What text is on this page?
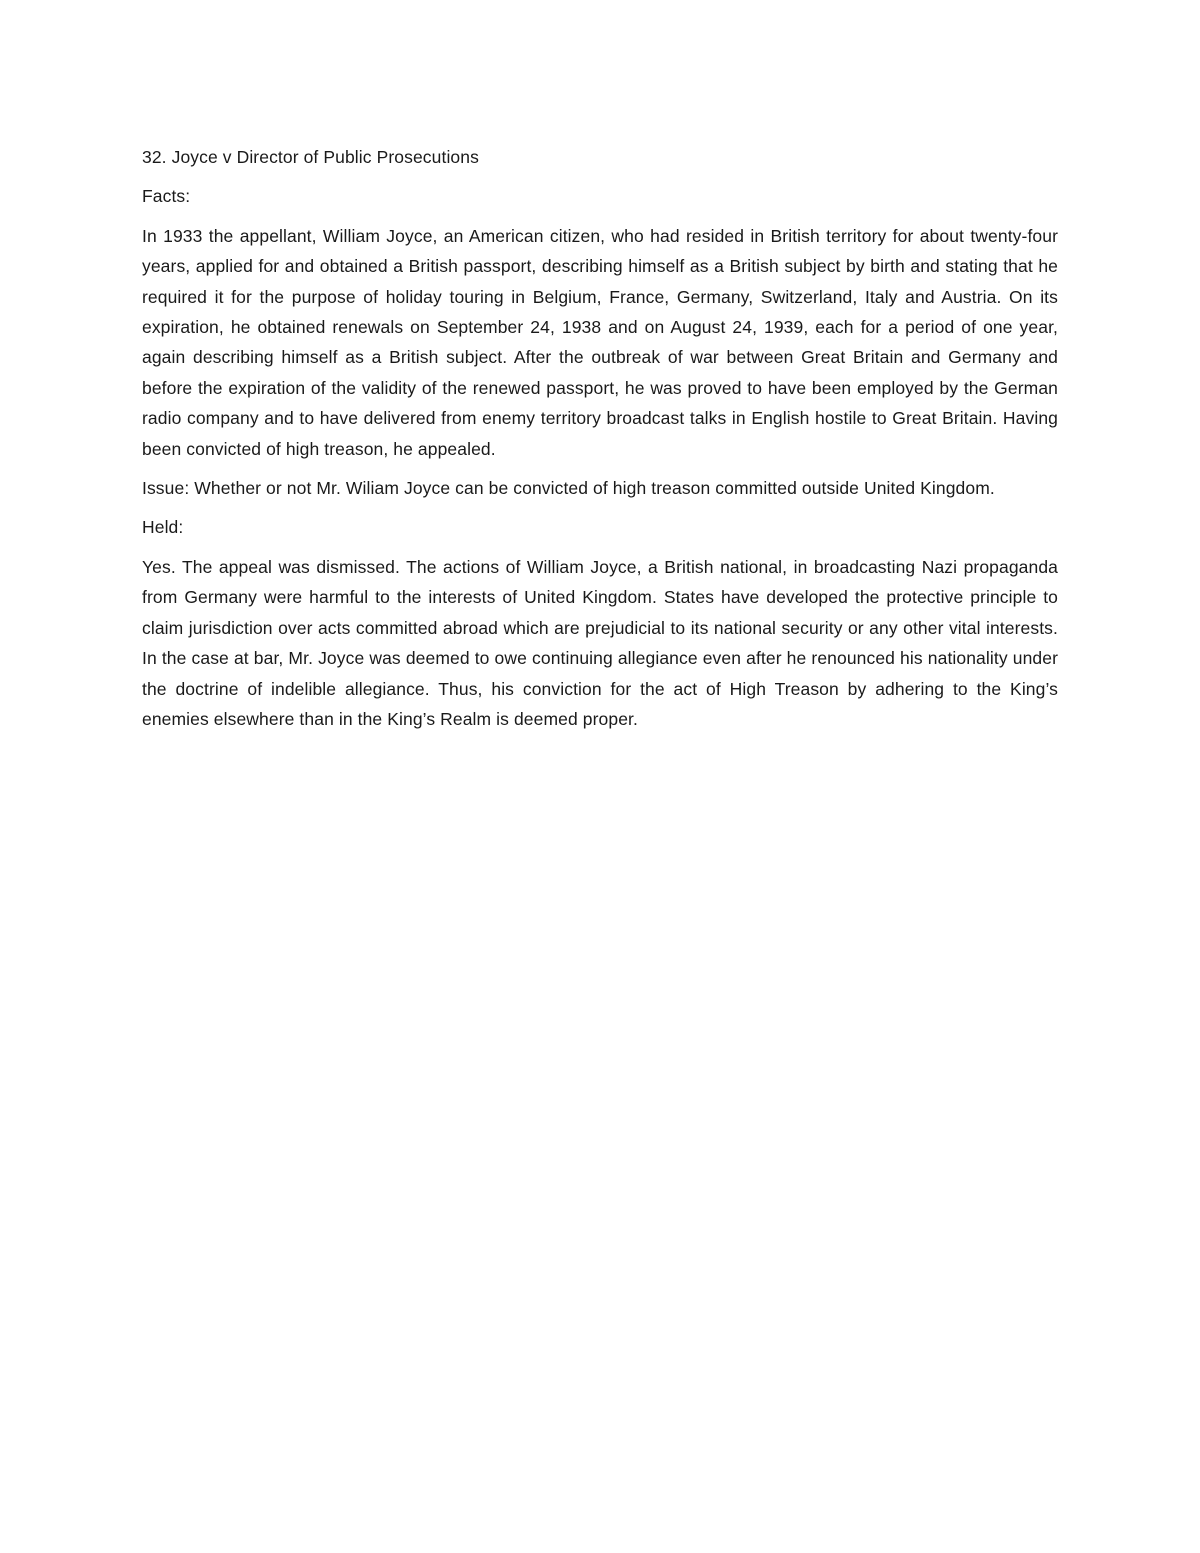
32. Joyce v Director of Public Prosecutions

Facts:

In 1933 the appellant, William Joyce, an American citizen, who had resided in British territory for about twenty-four years, applied for and obtained a British passport, describing himself as a British subject by birth and stating that he required it for the purpose of holiday touring in Belgium, France, Germany, Switzerland, Italy and Austria. On its expiration, he obtained renewals on September 24, 1938 and on August 24, 1939, each for a period of one year, again describing himself as a British subject. After the outbreak of war between Great Britain and Germany and before the expiration of the validity of the renewed passport, he was proved to have been employed by the German radio company and to have delivered from enemy territory broadcast talks in English hostile to Great Britain. Having been convicted of high treason, he appealed.

Issue: Whether or not Mr. Wiliam Joyce can be convicted of high treason committed outside United Kingdom.

Held:

Yes. The appeal was dismissed. The actions of William Joyce, a British national, in broadcasting Nazi propaganda from Germany were harmful to the interests of United Kingdom. States have developed the protective principle to claim jurisdiction over acts committed abroad which are prejudicial to its national security or any other vital interests. In the case at bar, Mr. Joyce was deemed to owe continuing allegiance even after he renounced his nationality under the doctrine of indelible allegiance. Thus, his conviction for the act of High Treason by adhering to the King’s enemies elsewhere than in the King’s Realm is deemed proper.
